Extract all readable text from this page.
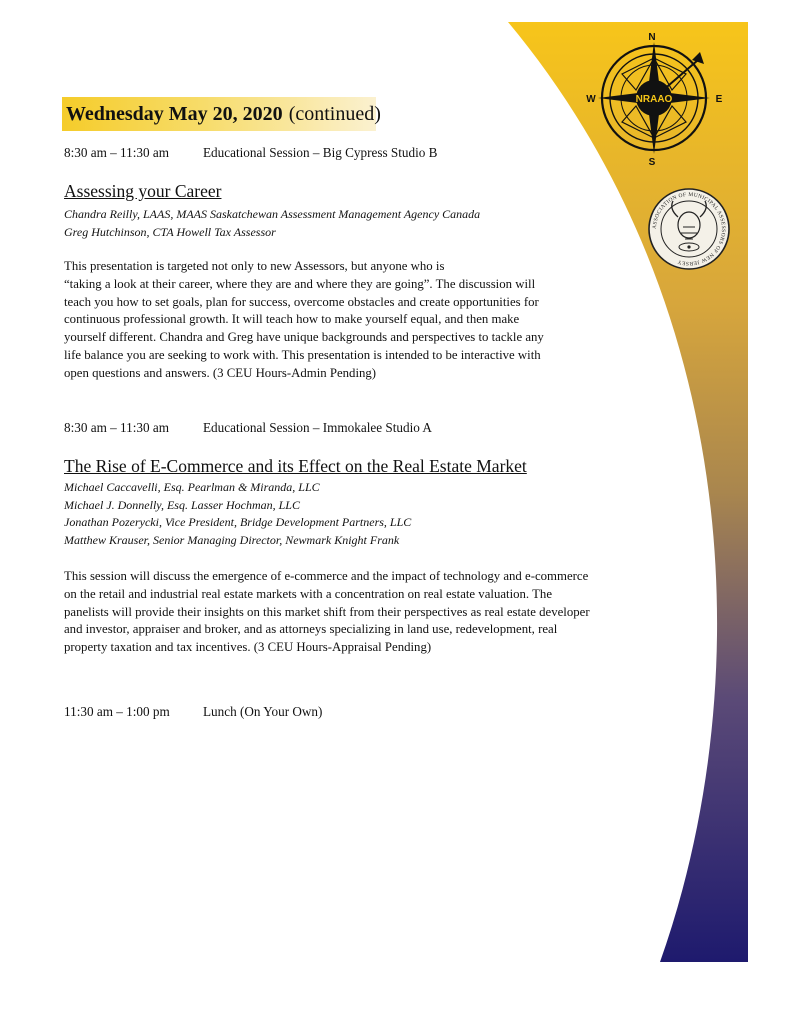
NRAAO
N
S
W	E
ASSOCIATION OF MUNICIPAL ASSESSORS OF NEW JERSEY
Wednesday May 20, 2020 (continued)
8:30 am – 11:30 am	Educational Session – Big Cypress Studio B
Assessing your Career
Chandra Reilly, LAAS, MAAS Saskatchewan Assessment Management Agency Canada
Greg Hutchinson, CTA Howell Tax Assessor
This presentation is targeted not only to new Assessors, but anyone who is
“taking a look at their career, where they are and where they are going”. The discussion will
teach you how to set goals, plan for success, overcome obstacles and create opportunities for
continuous professional growth. It will teach how to make yourself equal, and then make
yourself different. Chandra and Greg have unique backgrounds and perspectives to tackle any
life balance you are seeking to work with. This presentation is intended to be interactive with
open questions and answers. (3 CEU Hours-Admin Pending)
8:30 am – 11:30 am	Educational Session – Immokalee Studio A
The Rise of E-Commerce and its Effect on the Real Estate Market
Michael Caccavelli, Esq. Pearlman & Miranda, LLC
Michael J. Donnelly, Esq. Lasser Hochman, LLC
Jonathan Pozerycki, Vice President, Bridge Development Partners, LLC
Matthew Krauser, Senior Managing Director, Newmark Knight Frank
This session will discuss the emergence of e-commerce and the impact of technology and e-commerce
on the retail and industrial real estate markets with a concentration on real estate valuation. The
panelists will provide their insights on this market shift from their perspectives as real estate developer
and investor, appraiser and broker, and as attorneys specializing in land use, redevelopment, real
property taxation and tax incentives. (3 CEU Hours-Appraisal Pending)
11:30 am – 1:00 pm	Lunch (On Your Own)
